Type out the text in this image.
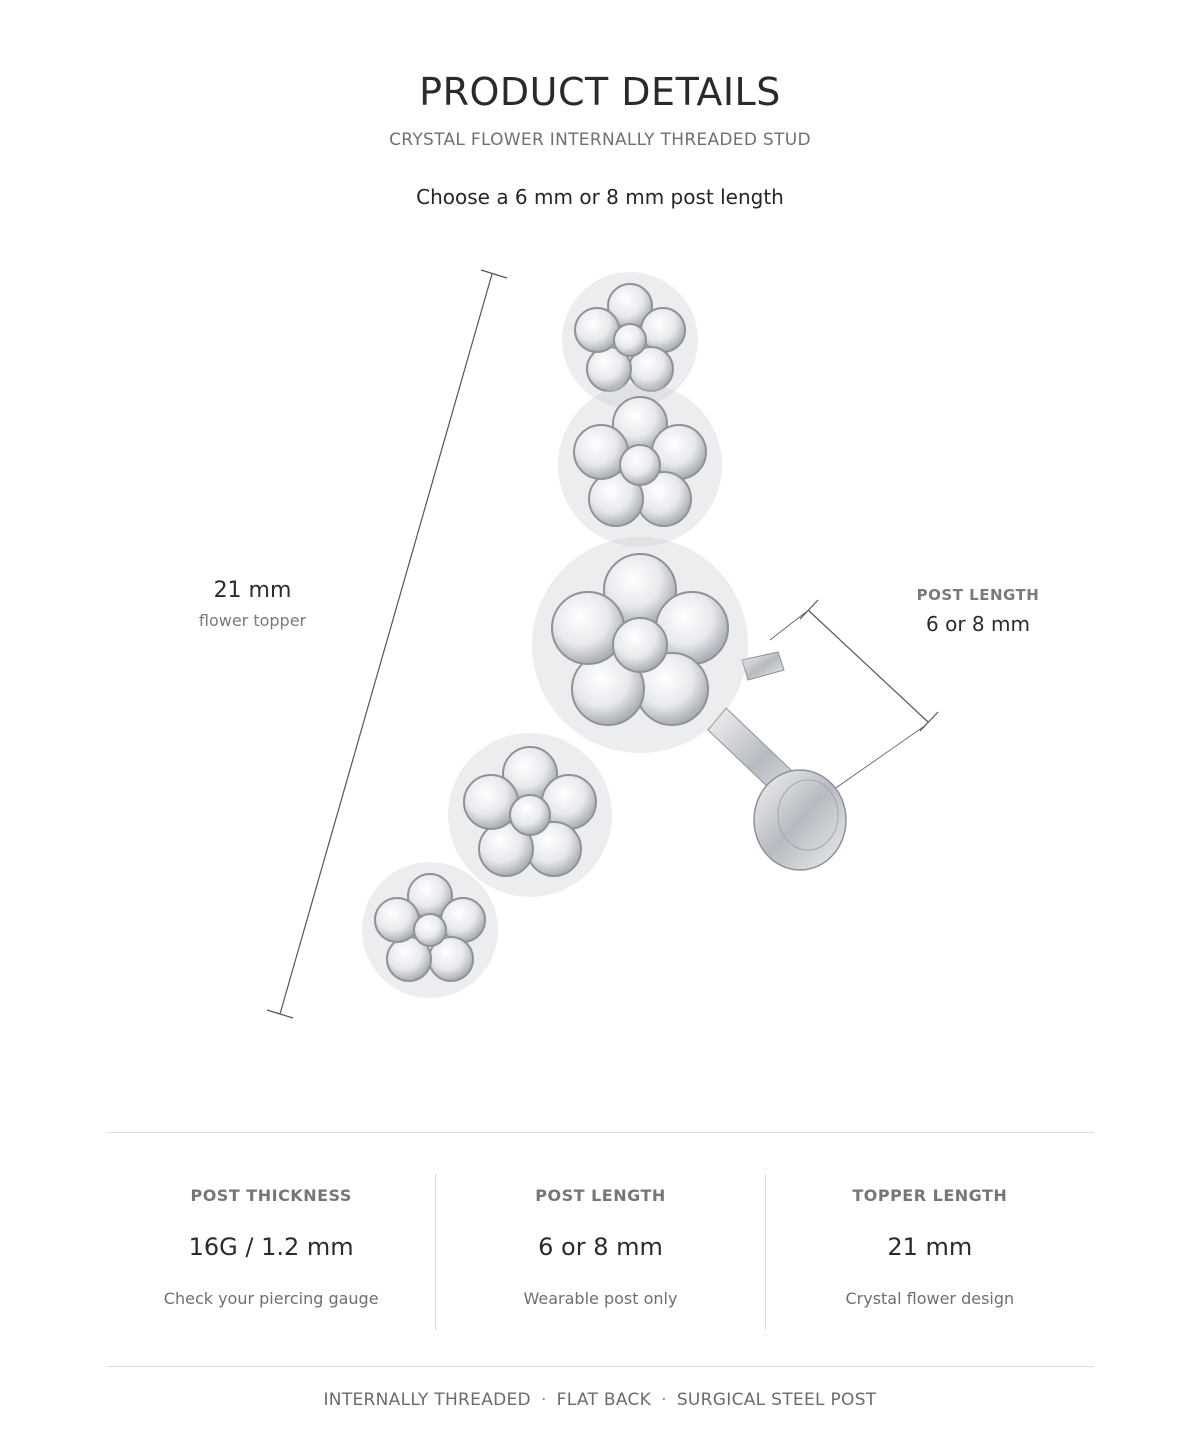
PRODUCT DETAILS
CRYSTAL FLOWER INTERNALLY THREADED STUD
Choose a 6 mm or 8 mm post length
21 mm
flower topper
POST LENGTH
6 or 8 mm
POST THICKNESS
16G / 1.2 mm
Check your piercing gauge
POST LENGTH
6 or 8 mm
Wearable post only
TOPPER LENGTH
21 mm
Crystal flower design
INTERNALLY THREADED · FLAT BACK · SURGICAL STEEL POST
